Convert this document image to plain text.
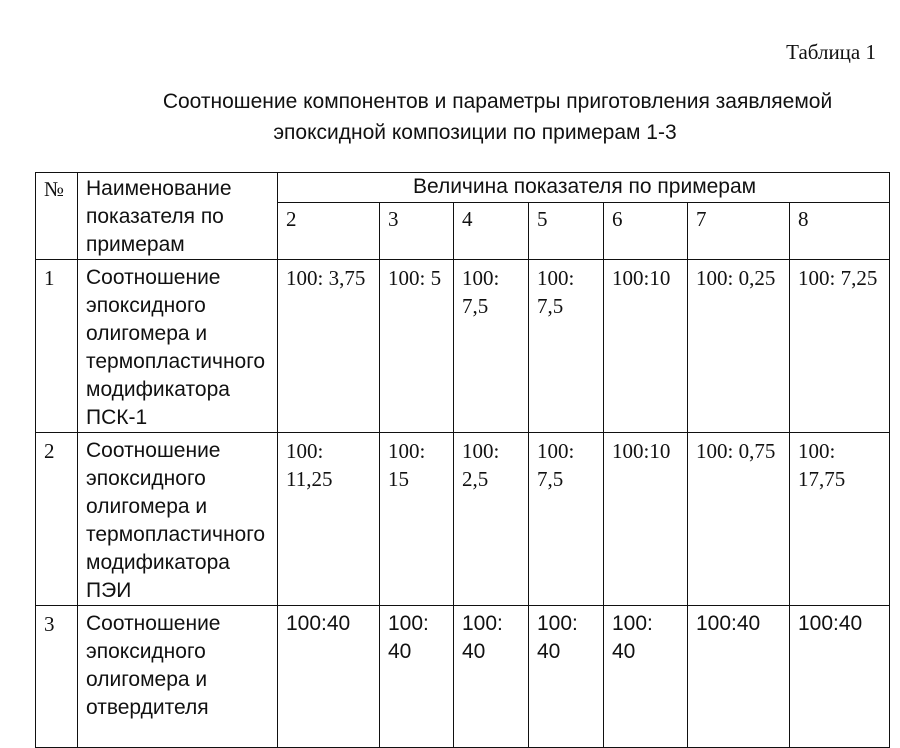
Таблица 1
Соотношение компонентов и параметры приготовления заявляемой
эпоксидной композиции по примерам 1-3
№	Наименование показателя по примерам	Величина показателя по примерам						
		2	3	4	5	6	7	8
1	Соотношение эпоксидного олигомера и термопластичного модификатора ПСК-1	100: 3,75	100: 5	100: 7,5	100: 7,5	100:10	100: 0,25	100: 7,25
2	Соотношение эпоксидного олигомера и термопластичного модификатора ПЭИ	100: 11,25	100: 15	100: 2,5	100: 7,5	100:10	100: 0,75	100: 17,75
3	Соотношение эпоксидного олигомера и отвердителя	100:40	100: 40	100: 40	100: 40	100: 40	100:40	100:40
